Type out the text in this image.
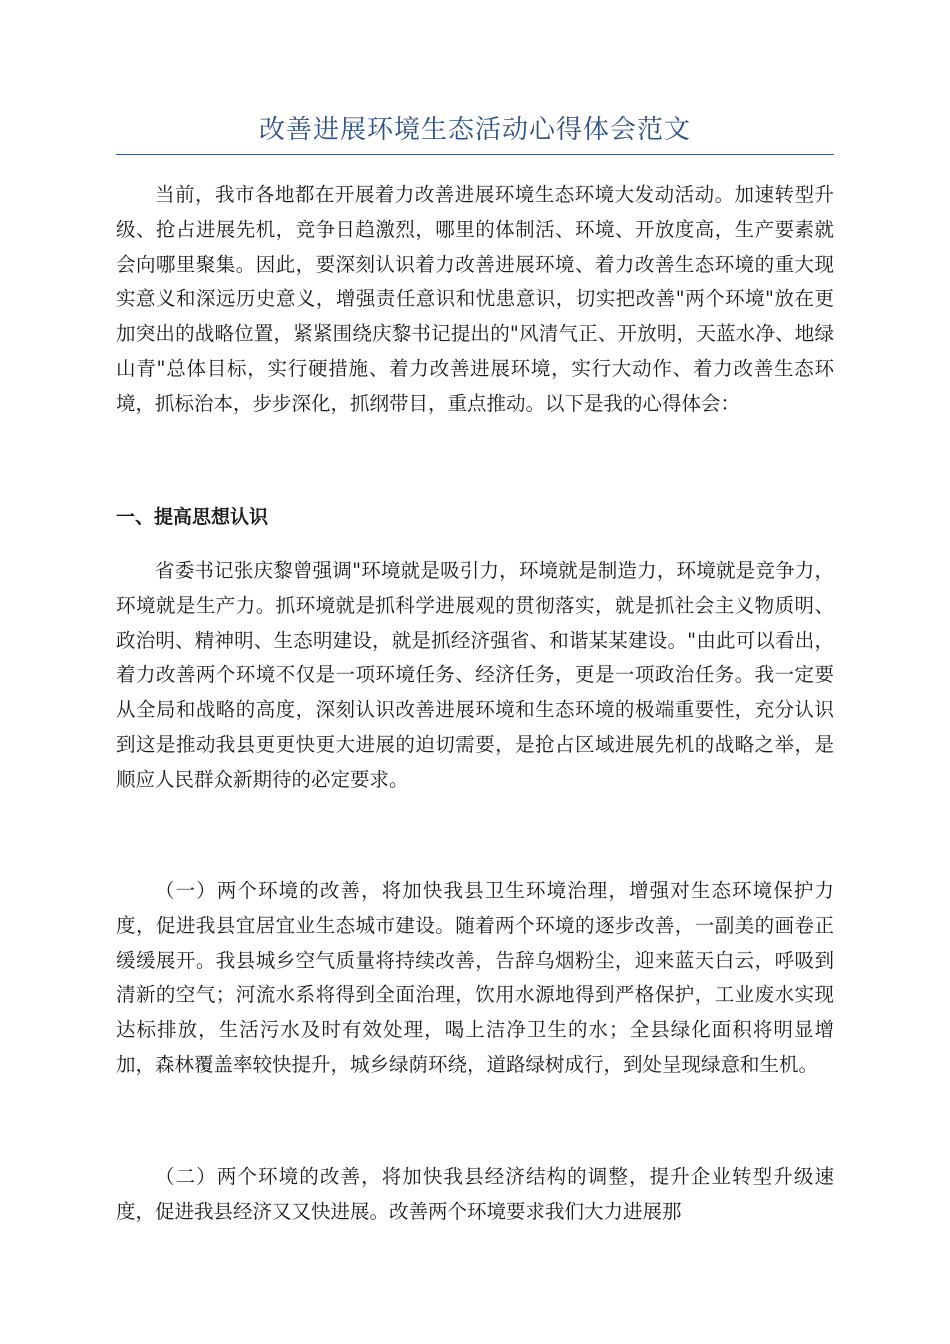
改善进展环境生态活动心得体会范文

当前，我市各地都在开展着力改善进展环境生态环境大发动活动。加速转型升级、抢占进展先机，竞争日趋激烈，哪里的体制活、环境、开放度高，生产要素就会向哪里聚集。因此，要深刻认识着力改善进展环境、着力改善生态环境的重大现实意义和深远历史意义，增强责任意识和忧患意识，切实把改善"两个环境"放在更加突出的战略位置，紧紧围绕庆黎书记提出的"风清气正、开放明，天蓝水净、地绿山青"总体目标，实行硬措施、着力改善进展环境，实行大动作、着力改善生态环境，抓标治本，步步深化，抓纲带目，重点推动。以下是我的心得体会：

一、提高思想认识

省委书记张庆黎曾强调"环境就是吸引力，环境就是制造力，环境就是竞争力，环境就是生产力。抓环境就是抓科学进展观的贯彻落实，就是抓社会主义物质明、政治明、精神明、生态明建设，就是抓经济强省、和谐某某建设。"由此可以看出，着力改善两个环境不仅是一项环境任务、经济任务，更是一项政治任务。我一定要从全局和战略的高度，深刻认识改善进展环境和生态环境的极端重要性，充分认识到这是推动我县更更快更大进展的迫切需要，是抢占区域进展先机的战略之举，是顺应人民群众新期待的必定要求。

（一）两个环境的改善，将加快我县卫生环境治理，增强对生态环境保护力度，促进我县宜居宜业生态城市建设。随着两个环境的逐步改善，一副美的画卷正缓缓展开。我县城乡空气质量将持续改善，告辞乌烟粉尘，迎来蓝天白云，呼吸到清新的空气；河流水系将得到全面治理，饮用水源地得到严格保护，工业废水实现达标排放，生活污水及时有效处理，喝上洁净卫生的水；全县绿化面积将明显增加，森林覆盖率较快提升，城乡绿荫环绕，道路绿树成行，到处呈现绿意和生机。

（二）两个环境的改善，将加快我县经济结构的调整，提升企业转型升级速度，促进我县经济又又快进展。改善两个环境要求我们大力进展那
